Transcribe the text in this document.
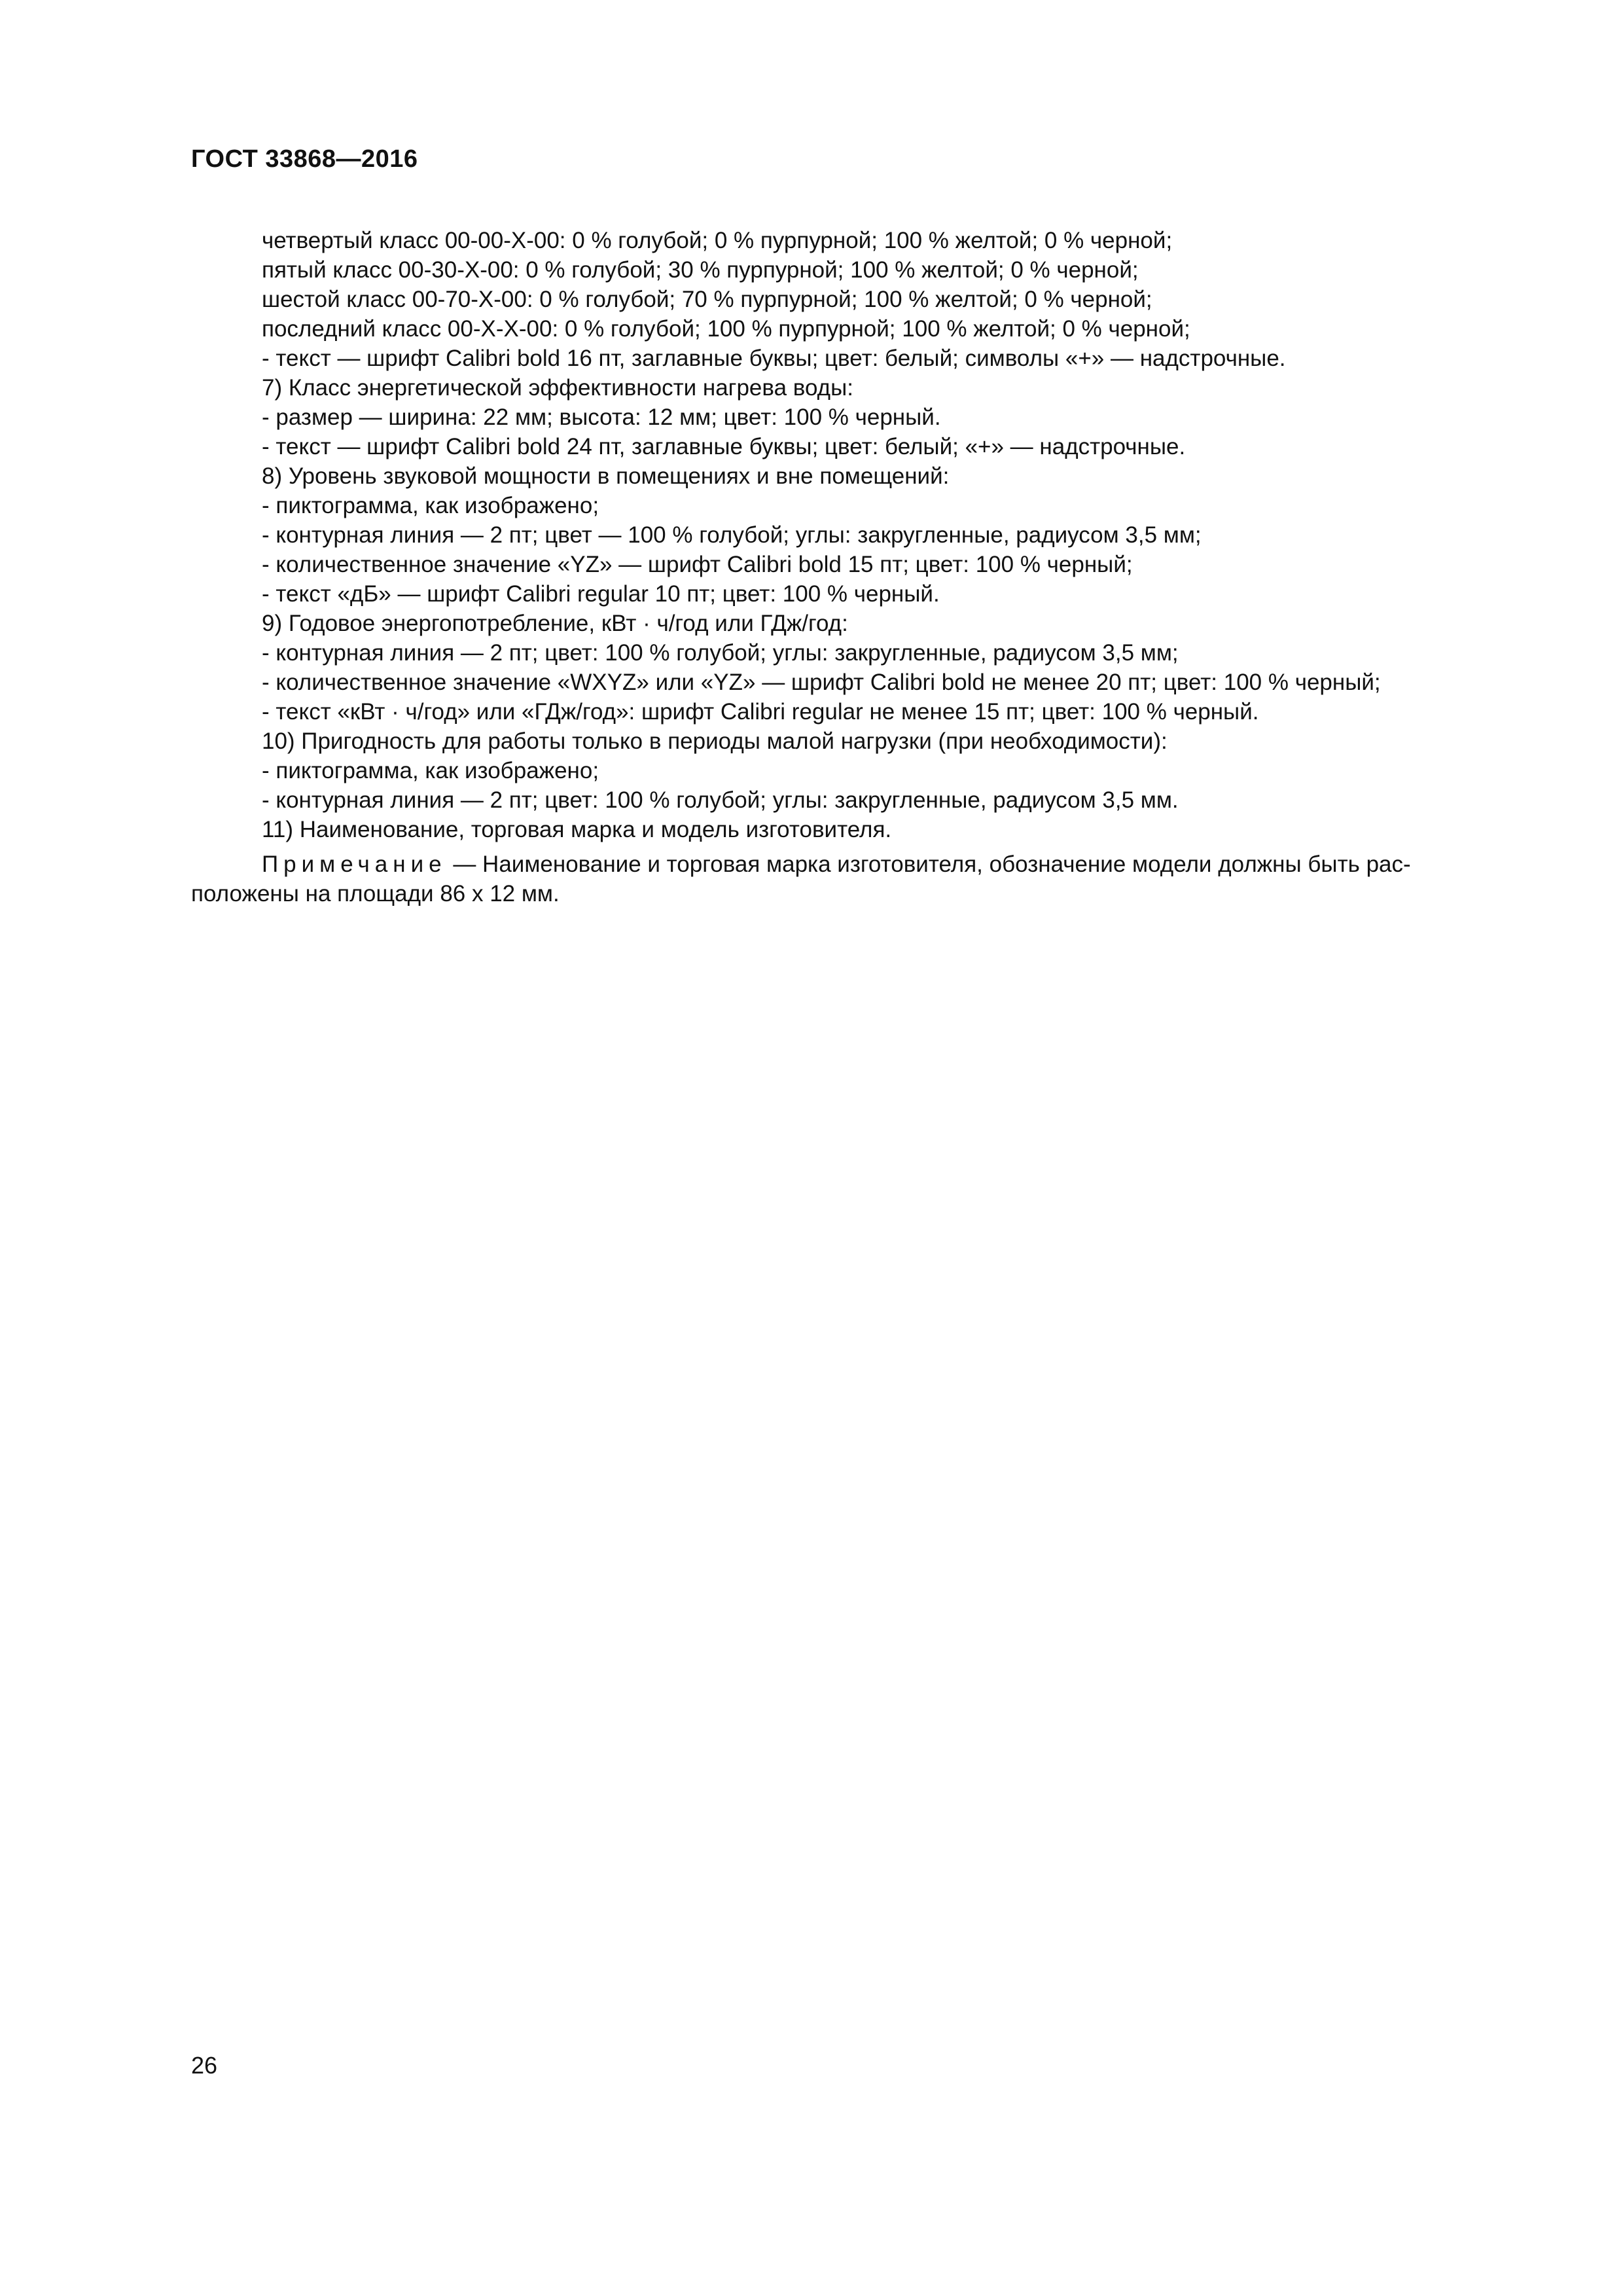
ГОСТ 33868—2016
четвертый класс 00-00-Х-00: 0 % голубой; 0 % пурпурной; 100 % желтой; 0 % черной;
пятый класс 00-30-Х-00: 0 % голубой; 30 % пурпурной; 100 % желтой; 0 % черной;
шестой класс 00-70-Х-00: 0 % голубой; 70 % пурпурной; 100 % желтой; 0 % черной;
последний класс 00-Х-Х-00: 0 % голубой; 100 % пурпурной; 100 % желтой; 0 % черной;
- текст — шрифт Calibri bold 16 пт, заглавные буквы; цвет: белый; символы «+» — надстрочные.
7) Класс энергетической эффективности нагрева воды:
- размер — ширина: 22 мм; высота: 12 мм; цвет: 100 % черный.
- текст — шрифт Calibri bold 24 пт, заглавные буквы; цвет: белый; «+» — надстрочные.
8) Уровень звуковой мощности в помещениях и вне помещений:
- пиктограмма, как изображено;
- контурная линия — 2 пт; цвет — 100 % голубой; углы: закругленные, радиусом 3,5 мм;
- количественное значение «YZ» — шрифт Calibri bold 15 пт; цвет: 100 % черный;
- текст «дБ» — шрифт Calibri regular 10 пт; цвет: 100 % черный.
9) Годовое энергопотребление, кВт · ч/год или ГДж/год:
- контурная линия — 2 пт; цвет: 100 % голубой; углы: закругленные, радиусом 3,5 мм;
- количественное значение «WXYZ» или «YZ» — шрифт Calibri bold не менее 20 пт; цвет: 100 % черный;
- текст «кВт · ч/год» или «ГДж/год»: шрифт Calibri regular не менее 15 пт; цвет: 100 % черный.
10) Пригодность для работы только в периоды малой нагрузки (при необходимости):
- пиктограмма, как изображено;
- контурная линия — 2 пт; цвет: 100 % голубой; углы: закругленные, радиусом 3,5 мм.
11) Наименование, торговая марка и модель изготовителя.
Примечание — Наименование и торговая марка изготовителя, обозначение модели должны быть рас-
положены на площади 86 х 12 мм.
26
